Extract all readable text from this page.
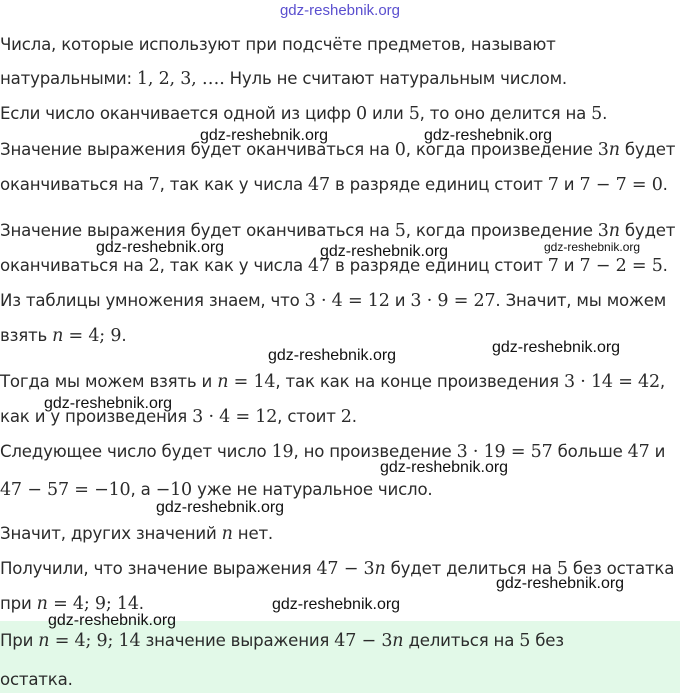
gdz-reshebnik.org
Числа, которые используют при подсчёте предметов, называют
натуральными: 1, 2, 3, …. Нуль не считают натуральным числом.
Если число оканчивается одной из цифр 0 или 5, то оно делится на 5.
Значение выражения будет оканчиваться на 0, когда произведение 3n будет
оканчиваться на 7, так как у числа 47 в разряде единиц стоит 7 и 7 − 7 = 0.
Значение выражения будет оканчиваться на 5, когда произведение 3n будет
оканчиваться на 2, так как у числа 47 в разряде единиц стоит 7 и 7 − 2 = 5.
Из таблицы умножения знаем, что 3 · 4 = 12 и 3 · 9 = 27. Значит, мы можем
взять n = 4; 9.
Тогда мы можем взять и n = 14, так как на конце произведения 3 · 14 = 42,
как и у произведения 3 · 4 = 12, стоит 2.
Следующее число будет число 19, но произведение 3 · 19 = 57 больше 47 и
47 − 57 = −10, а −10 уже не натуральное число.
Значит, других значений n нет.
Получили, что значение выражения 47 − 3n будет делиться на 5 без остатка
при n = 4; 9; 14.
При n = 4; 9; 14 значение выражения 47 − 3n делиться на 5 без
остатка.
gdz-reshebnik.org	gdz-reshebnik.org
gdz-reshebnik.org	gdz-reshebnik.org	gdz-reshebnik.org
gdz-reshebnik.org	gdz-reshebnik.org
gdz-reshebnik.org
gdz-reshebnik.org
gdz-reshebnik.org
gdz-reshebnik.org
gdz-reshebnik.org
gdz-reshebnik.org
